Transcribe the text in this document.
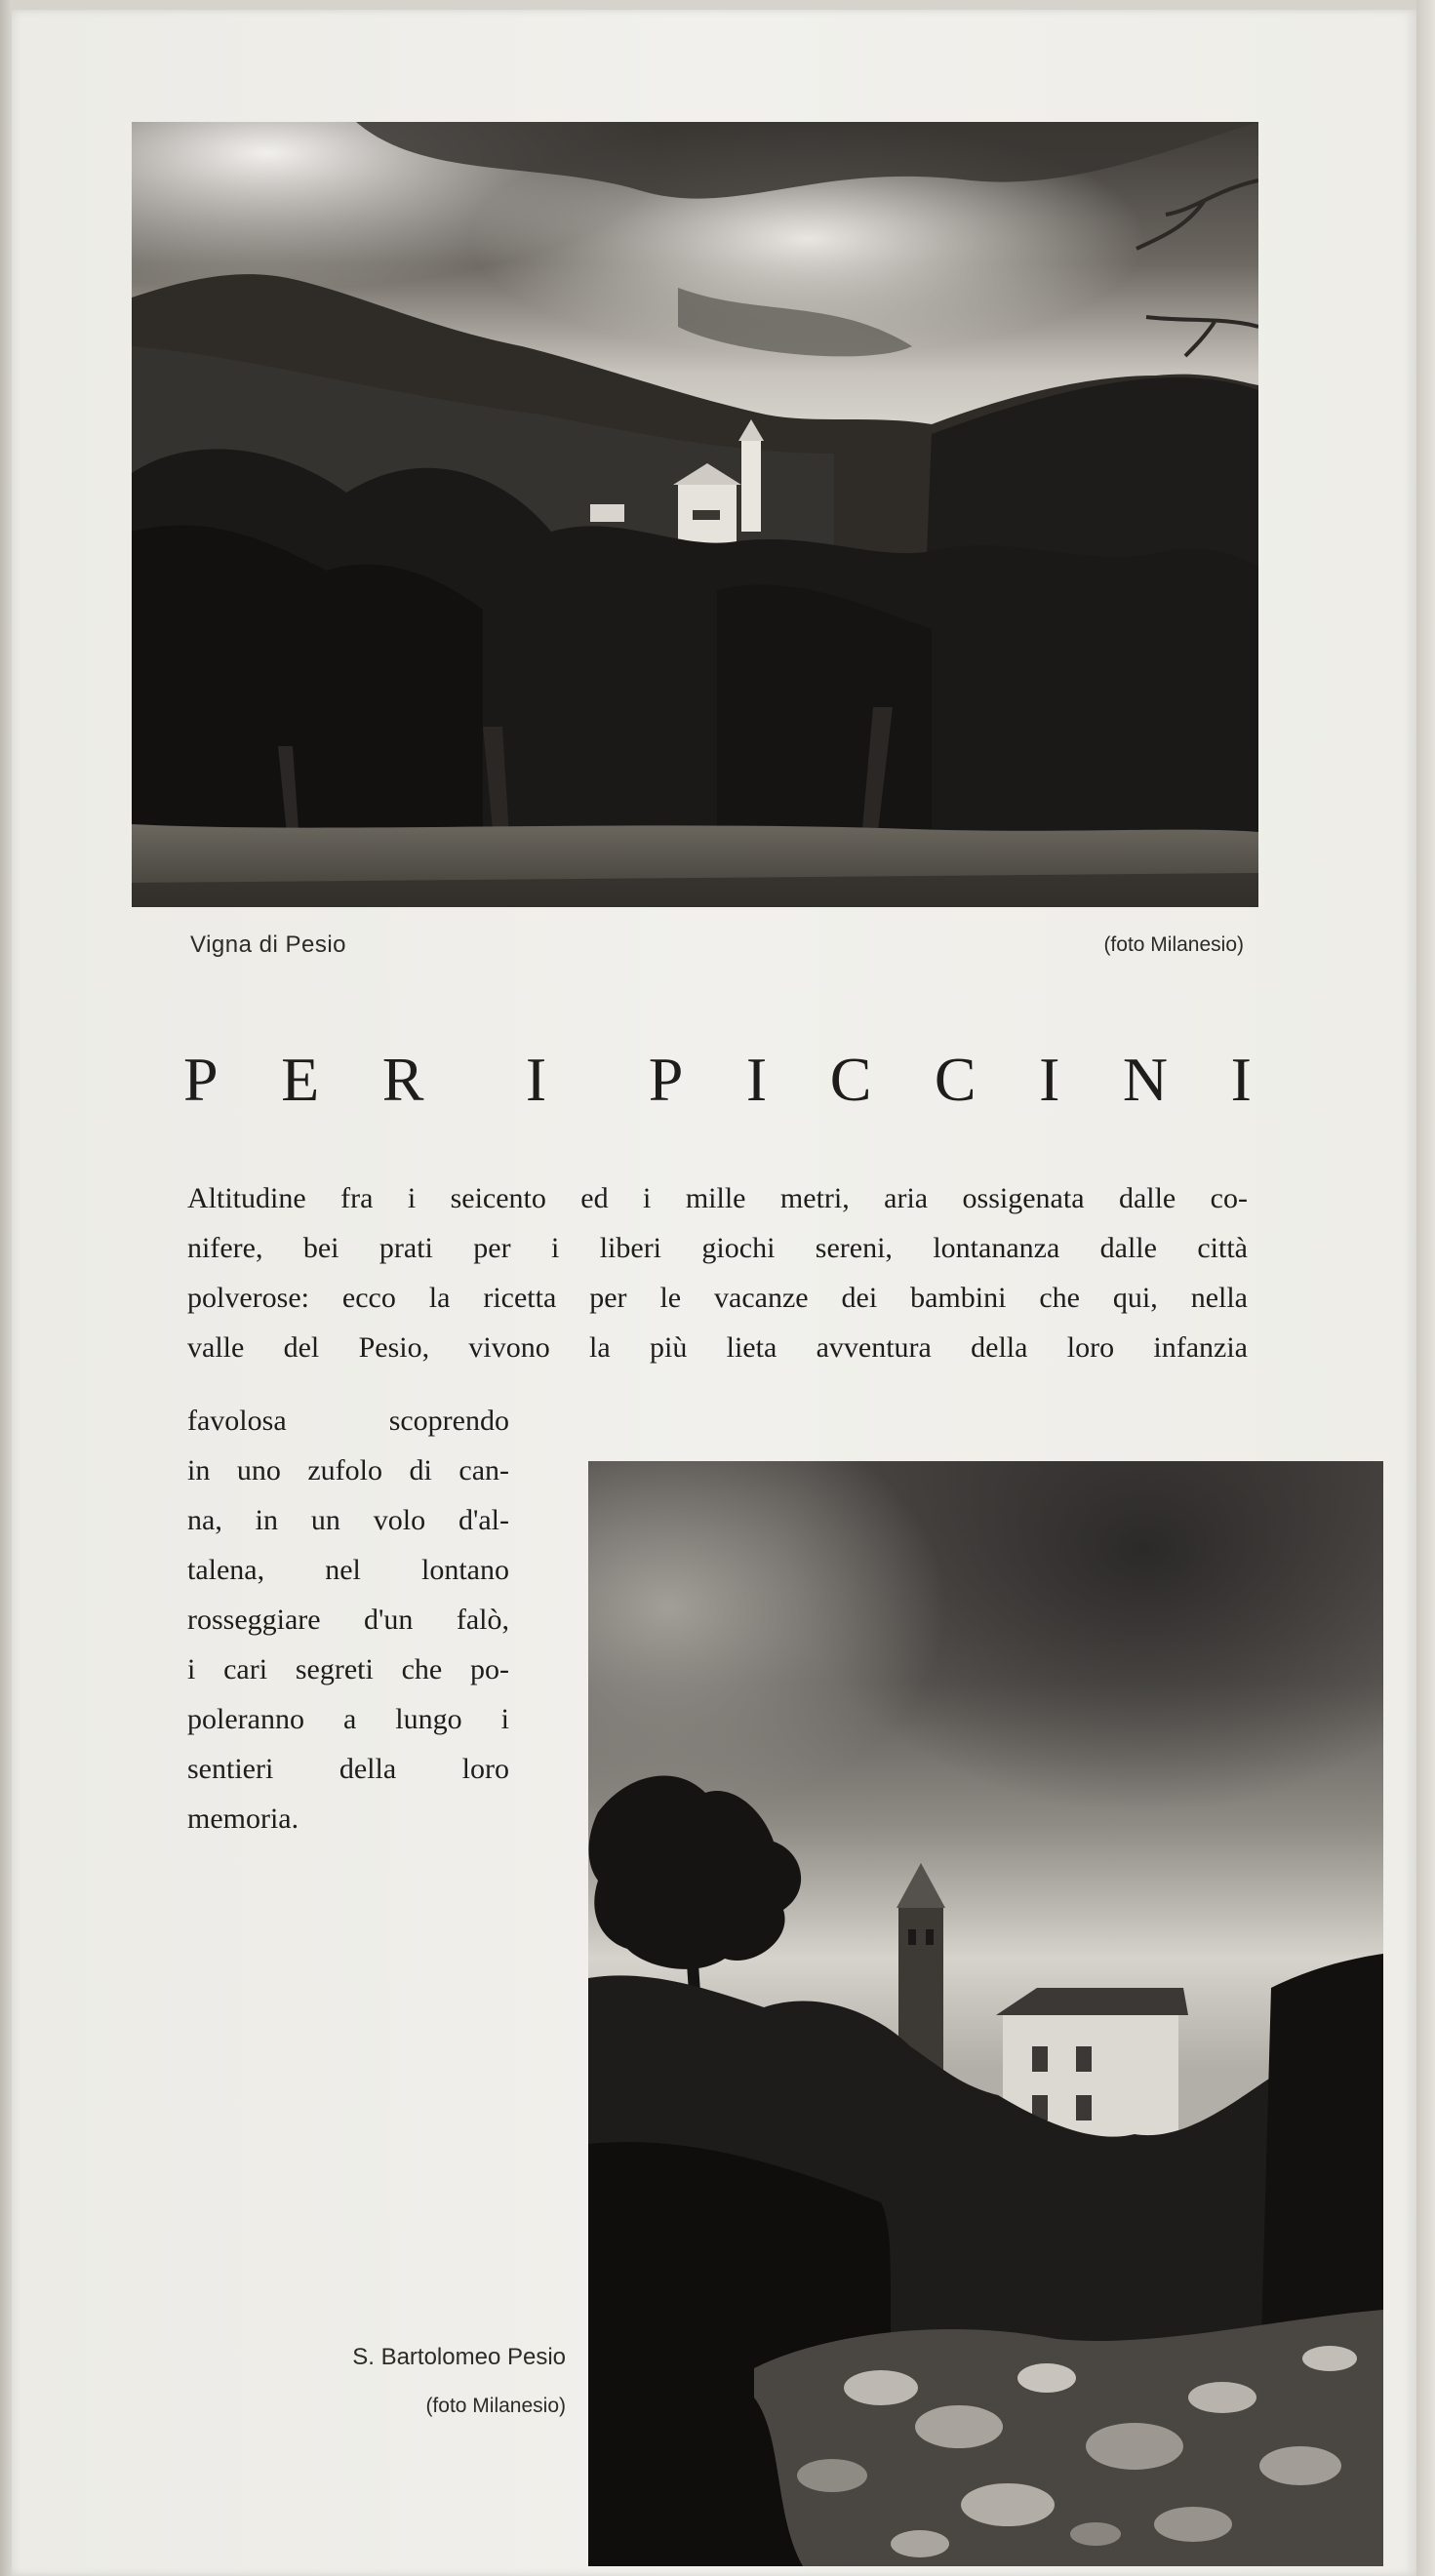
Vigna di Pesio	(foto Milanesio)
P E R I P I C C I N I
Altitudine fra i seicento ed i mille metri, aria ossigenata dalle co-
nifere, bei prati per i liberi giochi sereni, lontananza dalle città
polverose: ecco la ricetta per le vacanze dei bambini che qui, nella
valle del Pesio, vivono la più lieta avventura della loro infanzia
favolosa scoprendo
in uno zufolo di can-
na, in un volo d'al-
talena, nel lontano
rosseggiare d'un falò,
i cari segreti che po-
poleranno a lungo i
sentieri della loro
memoria.
S. Bartolomeo Pesio
(foto Milanesio)
